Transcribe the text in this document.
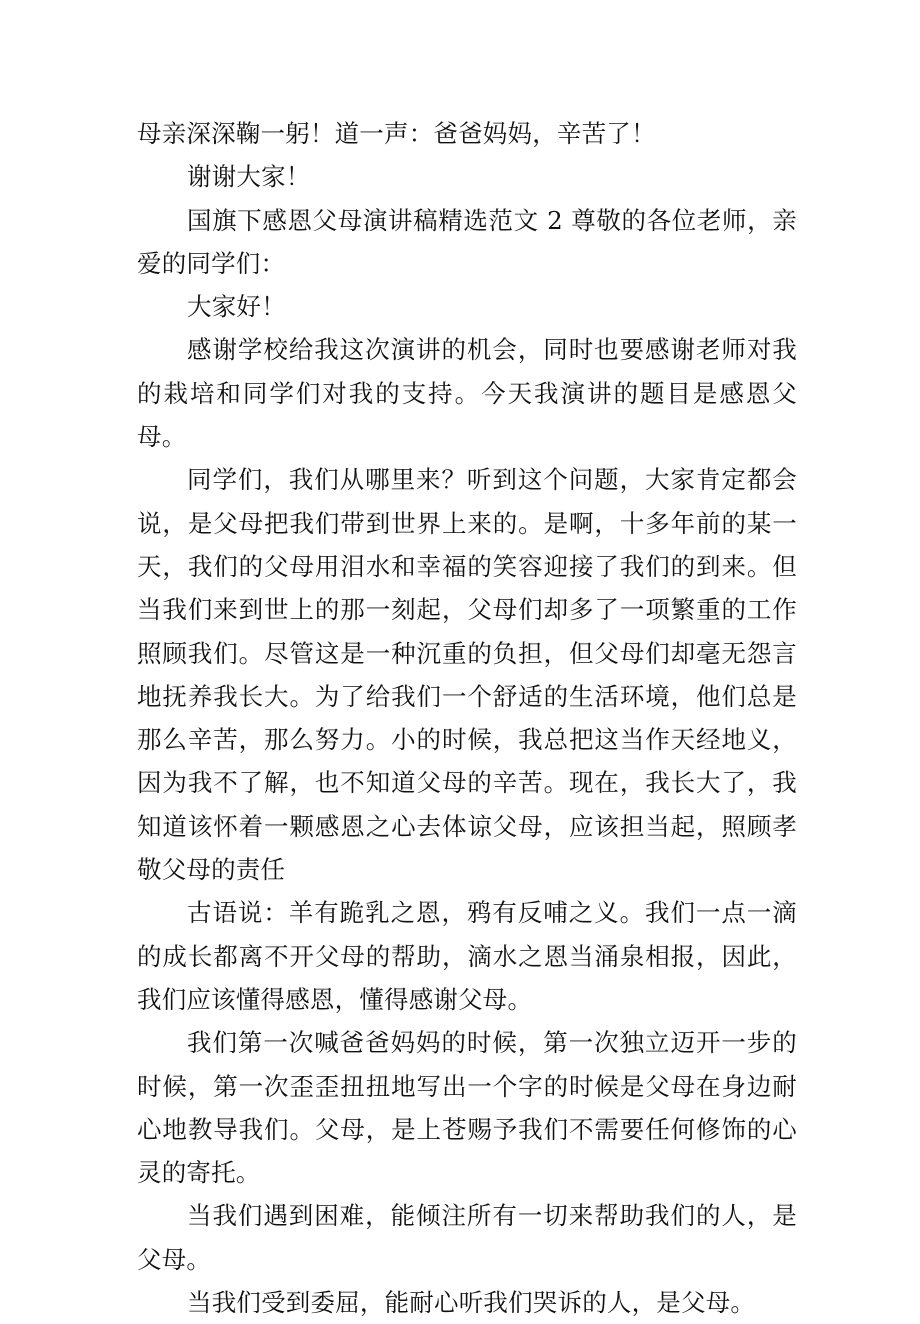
母亲深深鞠一躬！道一声：爸爸妈妈，辛苦了！

谢谢大家！

国旗下感恩父母演讲稿精选范文 2 尊敬的各位老师，亲爱的同学们：

大家好！

感谢学校给我这次演讲的机会，同时也要感谢老师对我的栽培和同学们对我的支持。今天我演讲的题目是感恩父母。

同学们，我们从哪里来？听到这个问题，大家肯定都会说，是父母把我们带到世界上来的。是啊，十多年前的某一天，我们的父母用泪水和幸福的笑容迎接了我们的到来。但当我们来到世上的那一刻起，父母们却多了一项繁重的工作照顾我们。尽管这是一种沉重的负担，但父母们却毫无怨言地抚养我长大。为了给我们一个舒适的生活环境，他们总是那么辛苦，那么努力。小的时候，我总把这当作天经地义，因为我不了解，也不知道父母的辛苦。现在，我长大了，我知道该怀着一颗感恩之心去体谅父母，应该担当起，照顾孝敬父母的责任

古语说：羊有跪乳之恩，鸦有反哺之义。我们一点一滴的成长都离不开父母的帮助，滴水之恩当涌泉相报，因此，我们应该懂得感恩，懂得感谢父母。

我们第一次喊爸爸妈妈的时候，第一次独立迈开一步的时候，第一次歪歪扭扭地写出一个字的时候是父母在身边耐心地教导我们。父母，是上苍赐予我们不需要任何修饰的心灵的寄托。

当我们遇到困难，能倾注所有一切来帮助我们的人，是父母。

当我们受到委屈，能耐心听我们哭诉的人，是父母。
